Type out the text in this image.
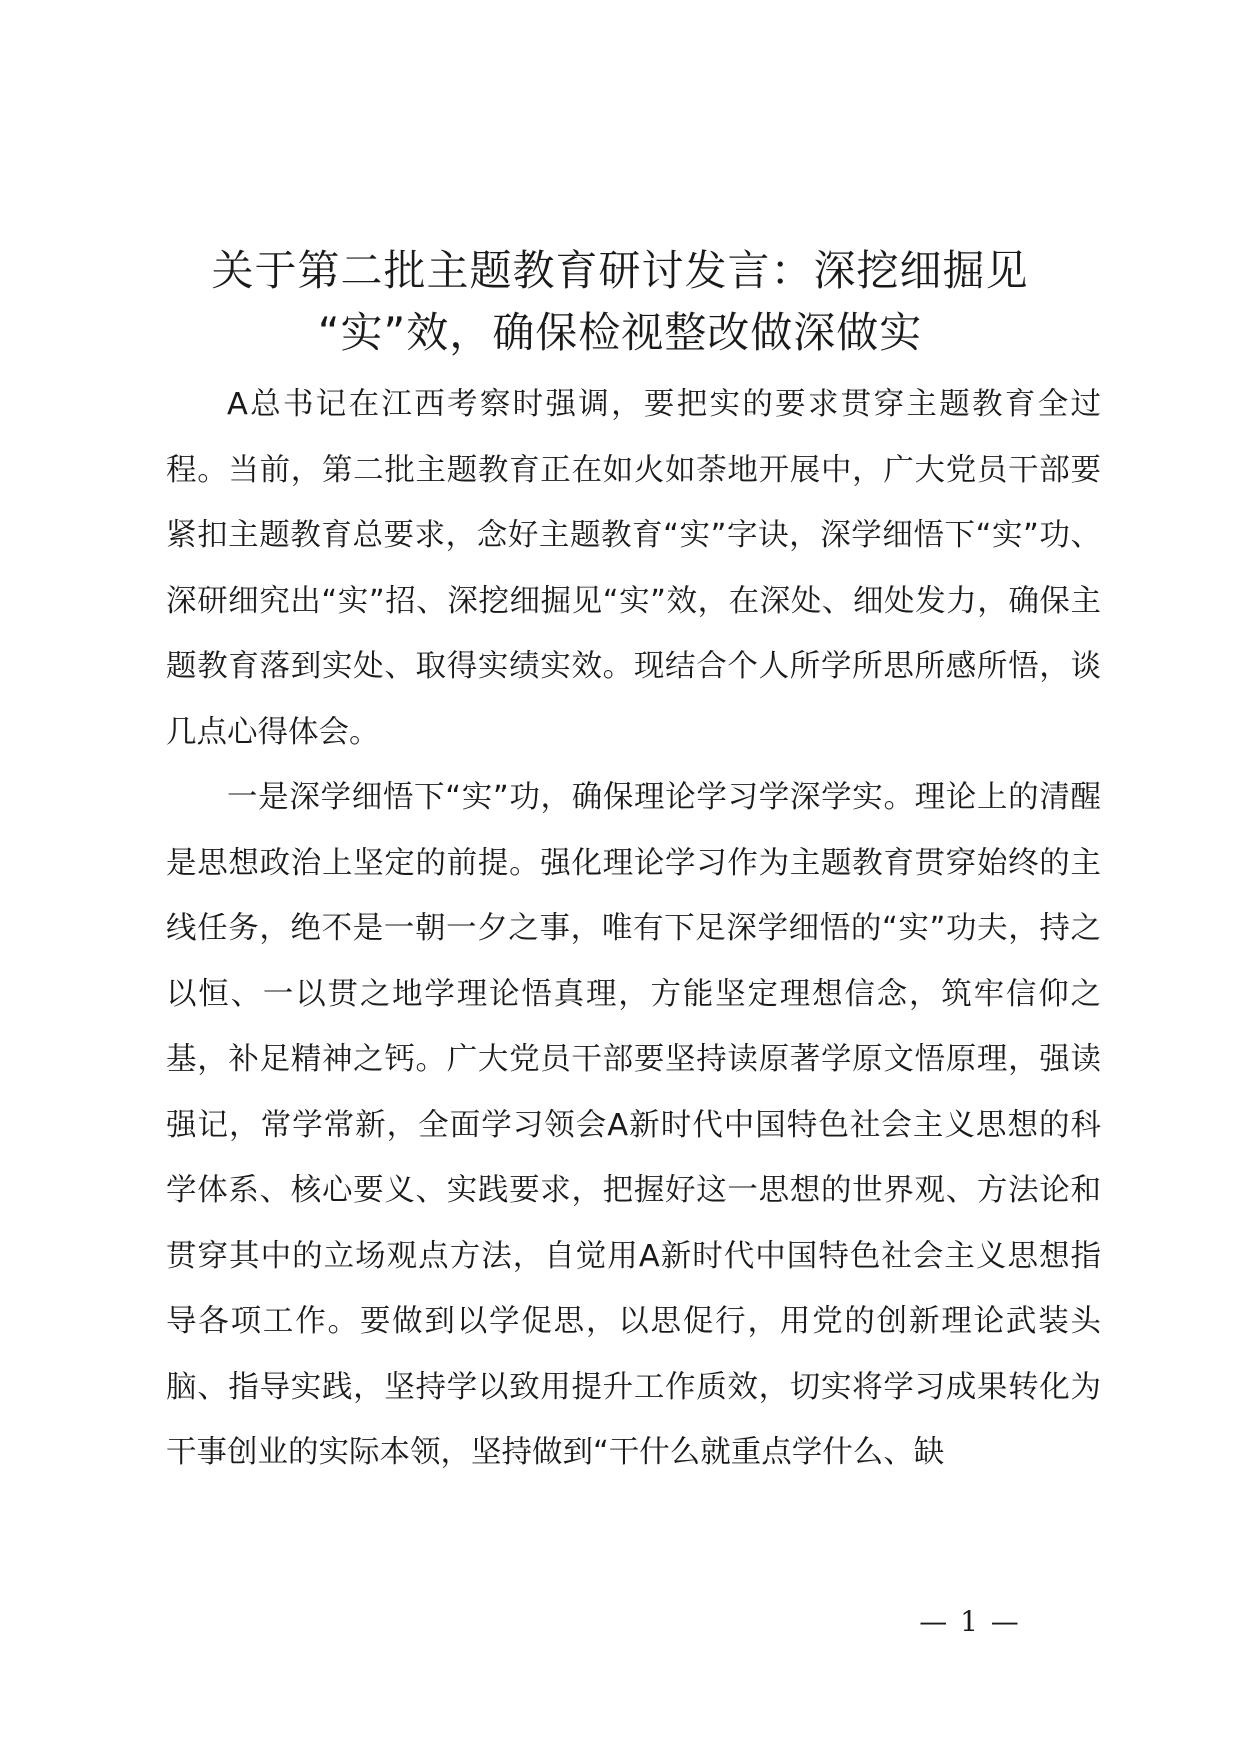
关于第二批主题教育研讨发言：深挖细掘见
“实”效，确保检视整改做深做实

A总书记在江西考察时强调，要把实的要求贯穿主题教育全过程。当前，第二批主题教育正在如火如荼地开展中，广大党员干部要紧扣主题教育总要求，念好主题教育“实”字诀，深学细悟下“实”功、深研细究出“实”招、深挖细掘见“实”效，在深处、细处发力，确保主题教育落到实处、取得实绩实效。现结合个人所学所思所感所悟，谈几点心得体会。

一是深学细悟下“实”功，确保理论学习学深学实。理论上的清醒是思想政治上坚定的前提。强化理论学习作为主题教育贯穿始终的主线任务，绝不是一朝一夕之事，唯有下足深学细悟的“实”功夫，持之以恒、一以贯之地学理论悟真理，方能坚定理想信念，筑牢信仰之基，补足精神之钙。广大党员干部要坚持读原著学原文悟原理，强读强记，常学常新，全面学习领会A新时代中国特色社会主义思想的科学体系、核心要义、实践要求，把握好这一思想的世界观、方法论和贯穿其中的立场观点方法，自觉用A新时代中国特色社会主义思想指导各项工作。要做到以学促思，以思促行，用党的创新理论武装头脑、指导实践，坚持学以致用提升工作质效，切实将学习成果转化为干事创业的实际本领，坚持做到“干什么就重点学什么、缺

— 1 —
